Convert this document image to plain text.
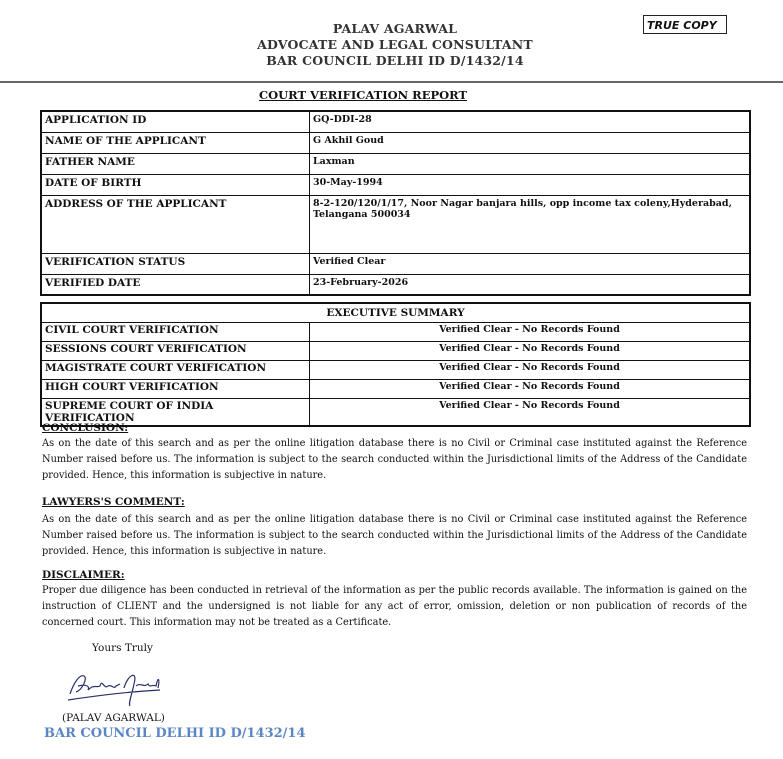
PALAV AGARWAL
ADVOCATE AND LEGAL CONSULTANT
BAR COUNCIL DELHI ID D/1432/14
TRUE COPY
COURT VERIFICATION REPORT
APPLICATION ID	GQ-DDI-28
NAME OF THE APPLICANT	G Akhil Goud
FATHER NAME	Laxman
DATE OF BIRTH	30-May-1994
ADDRESS OF THE APPLICANT	8-2-120/120/1/17, Noor Nagar banjara hills, opp income tax coleny,Hyderabad, Telangana 500034
VERIFICATION STATUS	Verified Clear
VERIFIED DATE	23-February-2026
EXECUTIVE SUMMARY	
CIVIL COURT VERIFICATION	Verified Clear - No Records Found
SESSIONS COURT VERIFICATION	Verified Clear - No Records Found
MAGISTRATE COURT VERIFICATION	Verified Clear - No Records Found
HIGH COURT VERIFICATION	Verified Clear - No Records Found
SUPREME COURT OF INDIA VERIFICATION	Verified Clear - No Records Found
CONCLUSION:

As on the date of this search and as per the online litigation database there is no Civil or Criminal case instituted against the Reference Number raised before us. The information is subject to the search conducted within the Jurisdictional limits of the Address of the Candidate provided. Hence, this information is subjective in nature.

LAWYERS'S COMMENT:

As on the date of this search and as per the online litigation database there is no Civil or Criminal case instituted against the Reference Number raised before us. The information is subject to the search conducted within the Jurisdictional limits of the Address of the Candidate provided. Hence, this information is subjective in nature.

DISCLAIMER:

Proper due diligence has been conducted in retrieval of the information as per the public records available. The information is gained on the instruction of CLIENT and the undersigned is not liable for any act of error, omission, deletion or non publication of records of the concerned court. This information may not be treated as a Certificate.

Yours Truly
(PALAV AGARWAL)
BAR COUNCIL DELHI ID D/1432/14
